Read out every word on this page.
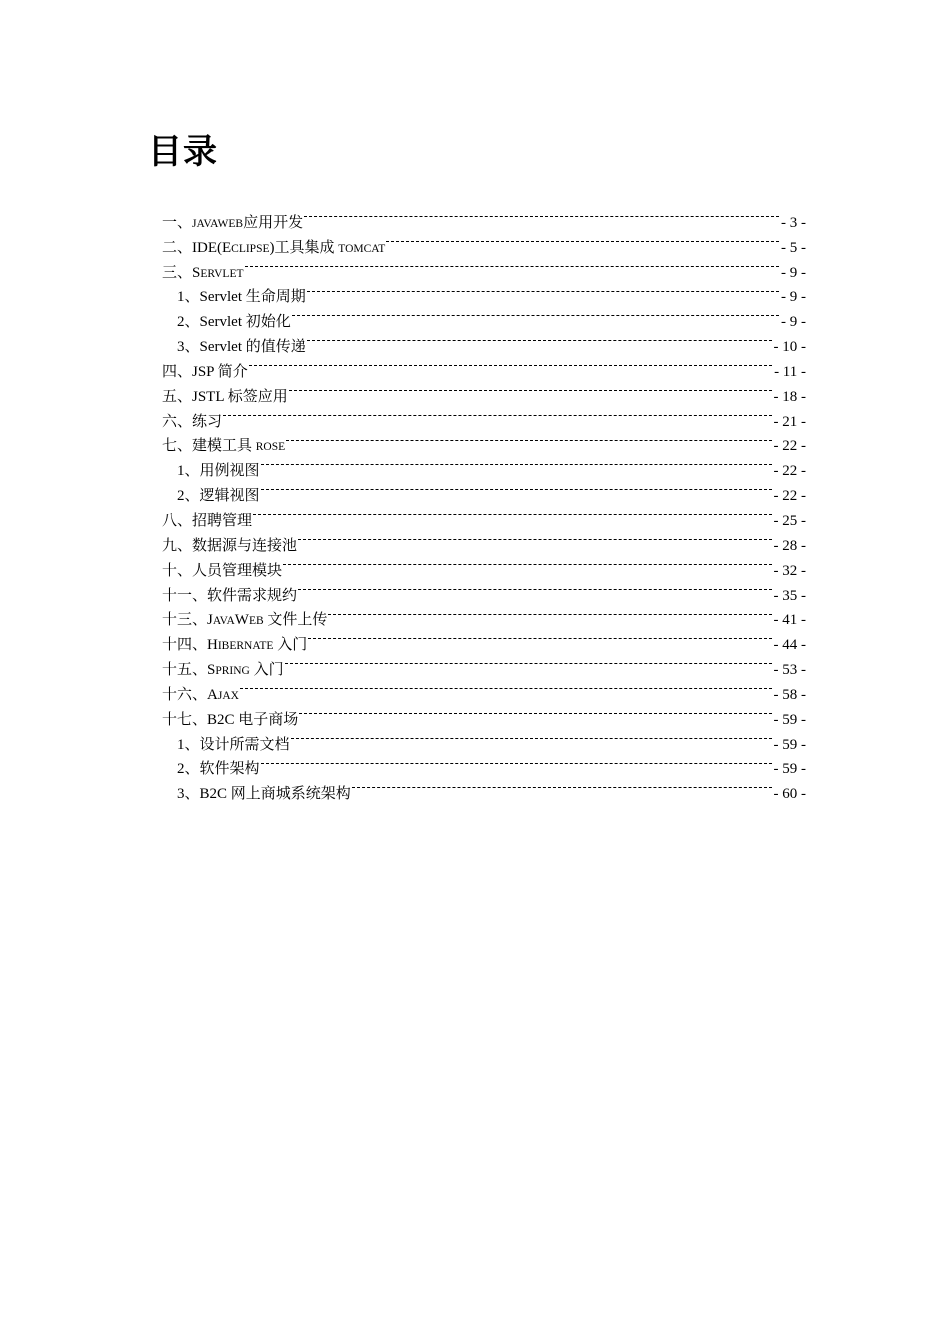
目录
一、JAVAWEB应用开发	- 3 -
二、IDE(ECLIPSE)工具集成 TOMCAT	- 5 -
三、SERVLET	- 9 -
1、Servlet 生命周期	- 9 -
2、Servlet 初始化	- 9 -
3、Servlet 的值传递	- 10 -
四、JSP 简介	- 11 -
五、JSTL 标签应用	- 18 -
六、练习	- 21 -
七、建模工具 ROSE	- 22 -
1、用例视图	- 22 -
2、逻辑视图	- 22 -
八、招聘管理	- 25 -
九、数据源与连接池	- 28 -
十、人员管理模块	- 32 -
十一、软件需求规约	- 35 -
十三、JAVAWEB 文件上传	- 41 -
十四、HIBERNATE 入门	- 44 -
十五、SPRING 入门	- 53 -
十六、AJAX	- 58 -
十七、B2C 电子商场	- 59 -
1、设计所需文档	- 59 -
2、软件架构	- 59 -
3、B2C 网上商城系统架构	- 60 -
